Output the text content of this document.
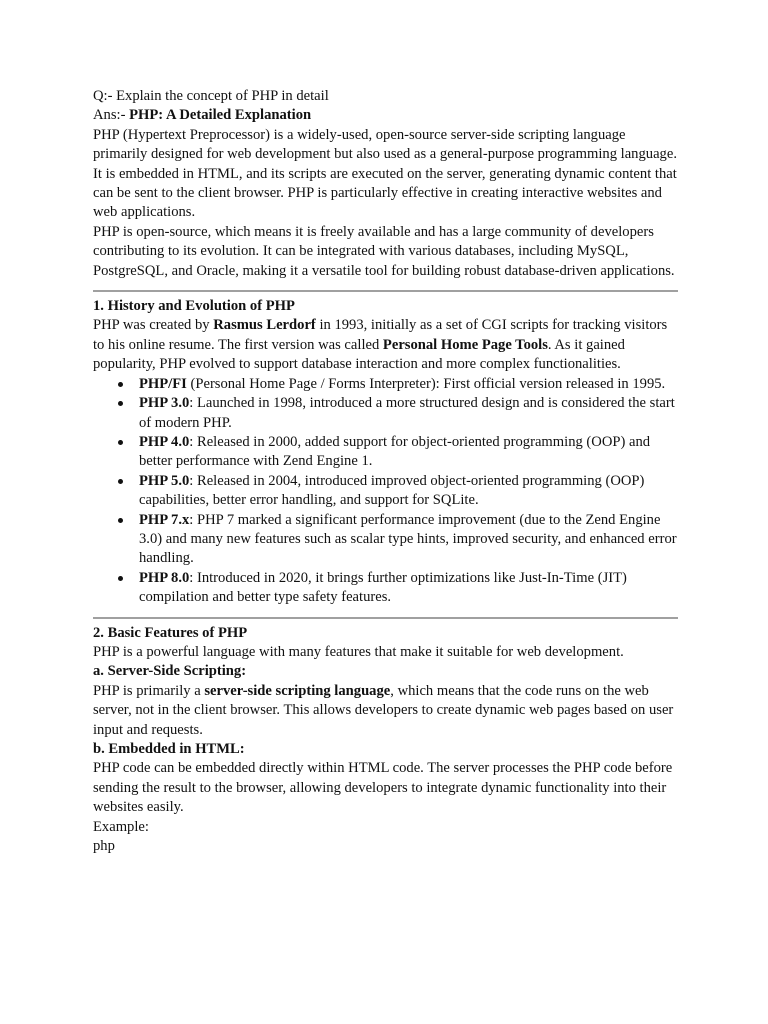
Q:- Explain the concept of PHP in detail

Ans:- PHP: A Detailed Explanation

PHP (Hypertext Preprocessor) is a widely-used, open-source server-side scripting language primarily designed for web development but also used as a general-purpose programming language. It is embedded in HTML, and its scripts are executed on the server, generating dynamic content that can be sent to the client browser. PHP is particularly effective in creating interactive websites and web applications.

PHP is open-source, which means it is freely available and has a large community of developers contributing to its evolution. It can be integrated with various databases, including MySQL, PostgreSQL, and Oracle, making it a versatile tool for building robust database-driven applications.

1. History and Evolution of PHP

PHP was created by Rasmus Lerdorf in 1993, initially as a set of CGI scripts for tracking visitors to his online resume. The first version was called Personal Home Page Tools. As it gained popularity, PHP evolved to support database interaction and more complex functionalities.

PHP/FI (Personal Home Page / Forms Interpreter): First official version released in 1995.
PHP 3.0: Launched in 1998, introduced a more structured design and is considered the start of modern PHP.
PHP 4.0: Released in 2000, added support for object-oriented programming (OOP) and better performance with Zend Engine 1.
PHP 5.0: Released in 2004, introduced improved object-oriented programming (OOP) capabilities, better error handling, and support for SQLite.
PHP 7.x: PHP 7 marked a significant performance improvement (due to the Zend Engine 3.0) and many new features such as scalar type hints, improved security, and enhanced error handling.
PHP 8.0: Introduced in 2020, it brings further optimizations like Just-In-Time (JIT) compilation and better type safety features.

2. Basic Features of PHP

PHP is a powerful language with many features that make it suitable for web development.

a. Server-Side Scripting:

PHP is primarily a server-side scripting language, which means that the code runs on the web server, not in the client browser. This allows developers to create dynamic web pages based on user input and requests.

b. Embedded in HTML:

PHP code can be embedded directly within HTML code. The server processes the PHP code before sending the result to the browser, allowing developers to integrate dynamic functionality into their websites easily.

Example:

php
